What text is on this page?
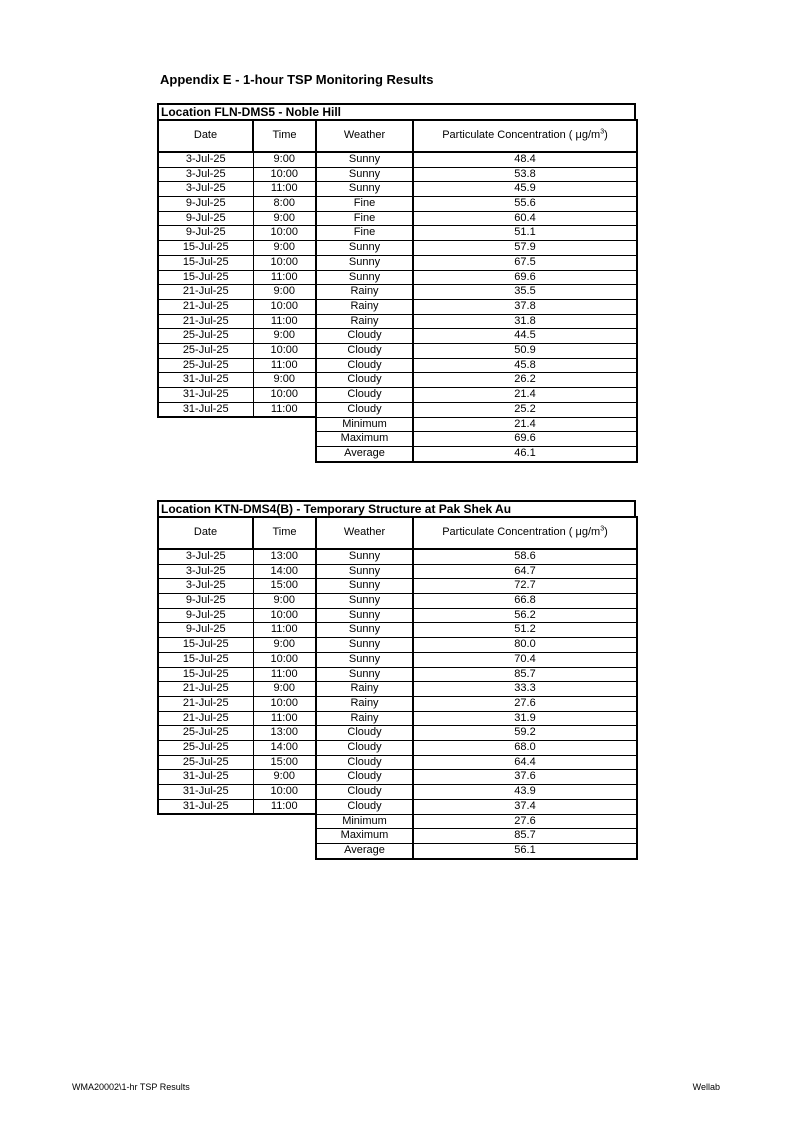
Appendix E - 1-hour TSP Monitoring Results
Location FLN-DMS5 - Noble Hill
Date	Time	Weather	Particulate Concentration ( $\mu g/m^3$)
3-Jul-25	9:00	Sunny	48.4
3-Jul-25	10:00	Sunny	53.8
3-Jul-25	11:00	Sunny	45.9
9-Jul-25	8:00	Fine	55.6
9-Jul-25	9:00	Fine	60.4
9-Jul-25	10:00	Fine	51.1
15-Jul-25	9:00	Sunny	57.9
15-Jul-25	10:00	Sunny	67.5
15-Jul-25	11:00	Sunny	69.6
21-Jul-25	9:00	Rainy	35.5
21-Jul-25	10:00	Rainy	37.8
21-Jul-25	11:00	Rainy	31.8
25-Jul-25	9:00	Cloudy	44.5
25-Jul-25	10:00	Cloudy	50.9
25-Jul-25	11:00	Cloudy	45.8
31-Jul-25	9:00	Cloudy	26.2
31-Jul-25	10:00	Cloudy	21.4
31-Jul-25	11:00	Cloudy	25.2
		Minimum	21.4
		Maximum	69.6
		Average	46.1
Location KTN-DMS4(B) - Temporary Structure at Pak Shek Au
Date	Time	Weather	Particulate Concentration ( $\mu g/m^3$)
3-Jul-25	13:00	Sunny	58.6
3-Jul-25	14:00	Sunny	64.7
3-Jul-25	15:00	Sunny	72.7
9-Jul-25	9:00	Sunny	66.8
9-Jul-25	10:00	Sunny	56.2
9-Jul-25	11:00	Sunny	51.2
15-Jul-25	9:00	Sunny	80.0
15-Jul-25	10:00	Sunny	70.4
15-Jul-25	11:00	Sunny	85.7
21-Jul-25	9:00	Rainy	33.3
21-Jul-25	10:00	Rainy	27.6
21-Jul-25	11:00	Rainy	31.9
25-Jul-25	13:00	Cloudy	59.2
25-Jul-25	14:00	Cloudy	68.0
25-Jul-25	15:00	Cloudy	64.4
31-Jul-25	9:00	Cloudy	37.6
31-Jul-25	10:00	Cloudy	43.9
31-Jul-25	11:00	Cloudy	37.4
		Minimum	27.6
		Maximum	85.7
		Average	56.1
WMA20002\1-hr TSP Results	Wellab
